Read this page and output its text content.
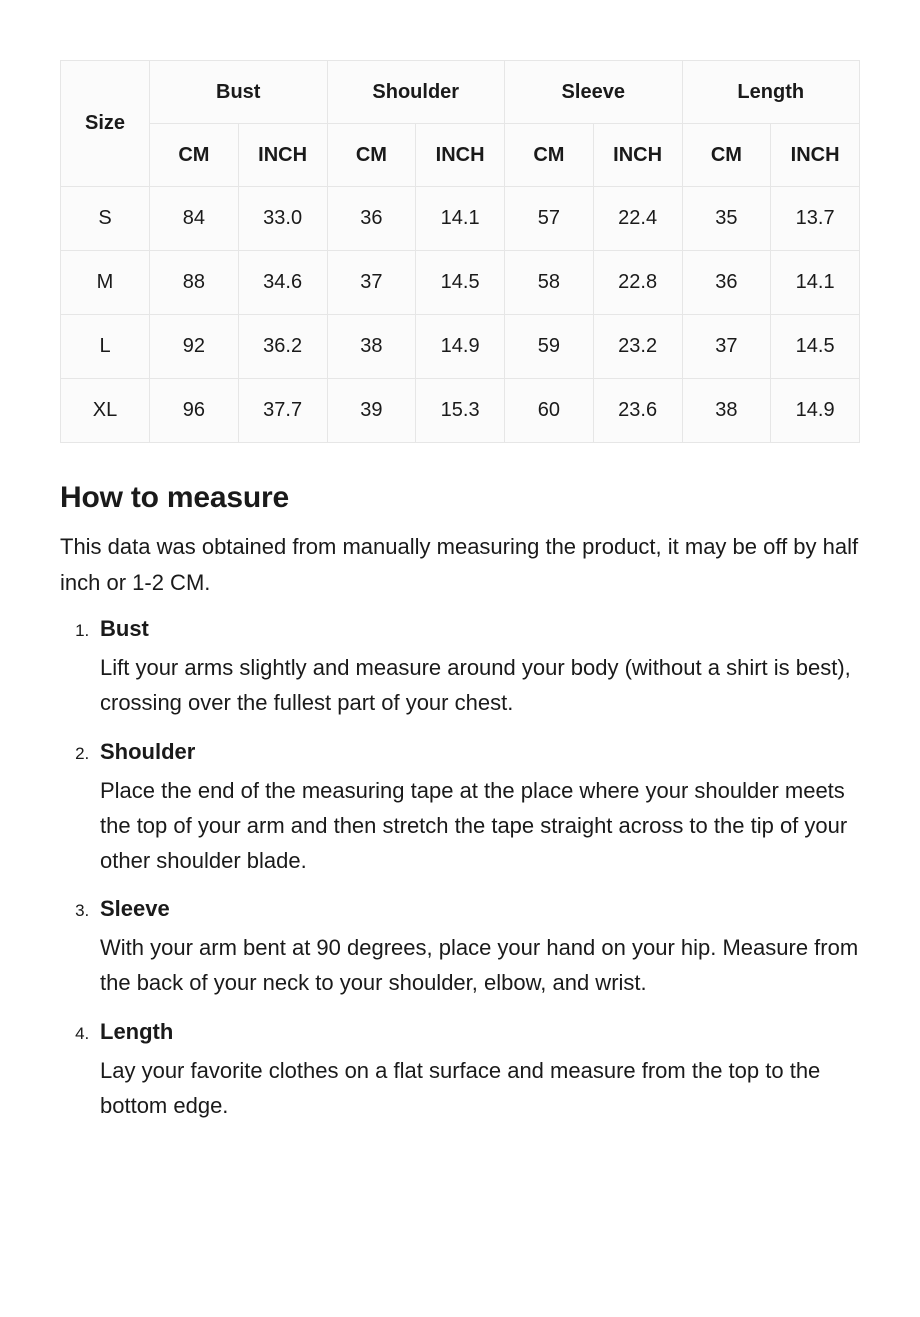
Size	Bust		Shoulder		Sleeve		Length	
	CM	INCH	CM	INCH	CM	INCH	CM	INCH
S	84	33.0	36	14.1	57	22.4	35	13.7
M	88	34.6	37	14.5	58	22.8	36	14.1
L	92	36.2	38	14.9	59	23.2	37	14.5
XL	96	37.7	39	15.3	60	23.6	38	14.9
How to measure

This data was obtained from manually measuring the product, it may be off by half inch or 1-2 CM.

1. Bust
Lift your arms slightly and measure around your body (without a shirt is best), crossing over the fullest part of your chest.
2. Shoulder
Place the end of the measuring tape at the place where your shoulder meets the top of your arm and then stretch the tape straight across to the tip of your other shoulder blade.
3. Sleeve
With your arm bent at 90 degrees, place your hand on your hip. Measure from the back of your neck to your shoulder, elbow, and wrist.
4. Length
Lay your favorite clothes on a flat surface and measure from the top to the bottom edge.
